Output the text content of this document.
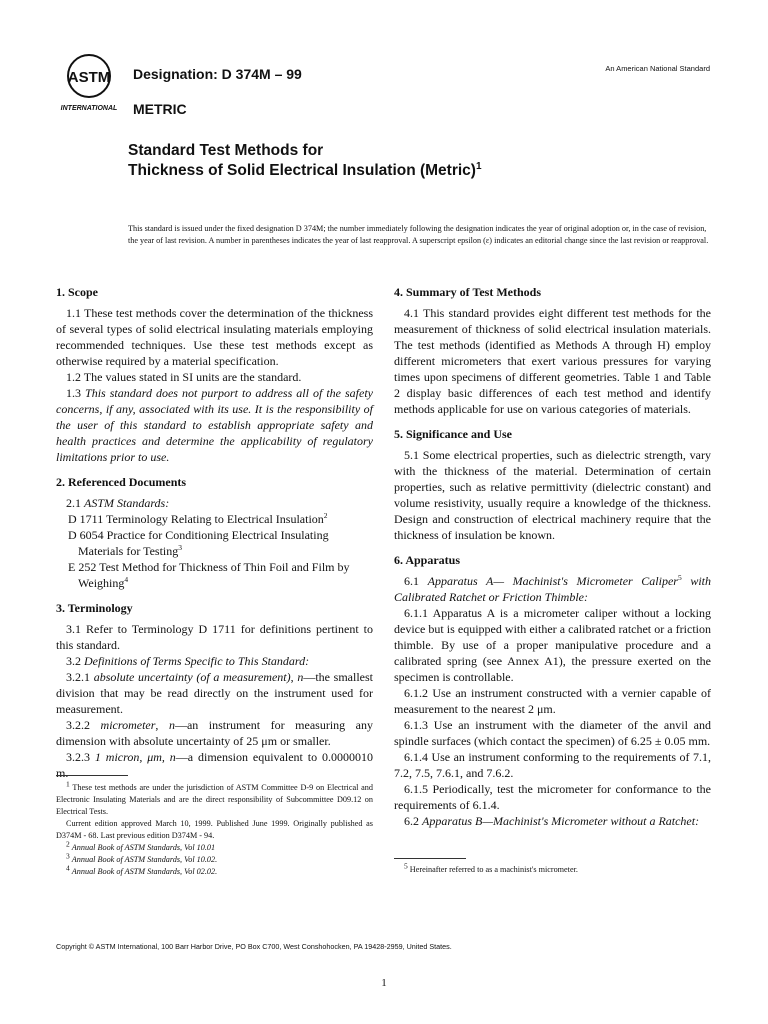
ASTM
INTERNATIONAL
Designation: D 374M – 99
METRIC
An American National Standard
Standard Test Methods for
Thickness of Solid Electrical Insulation (Metric)$^1$
This standard is issued under the fixed designation D 374M; the number immediately following the designation indicates the year of original adoption or, in the case of revision, the year of last revision. A number in parentheses indicates the year of last reapproval. A superscript epsilon (ε) indicates an editorial change since the last revision or reapproval.
1. Scope

1.1 These test methods cover the determination of the thickness of several types of solid electrical insulating materials employing recommended techniques. Use these test methods except as otherwise required by a material specification.

1.2 The values stated in SI units are the standard.

1.3 This standard does not purport to address all of the safety concerns, if any, associated with its use. It is the responsibility of the user of this standard to establish appropriate safety and health practices and determine the applicability of regulatory limitations prior to use.

2. Referenced Documents

2.1 ASTM Standards:

D 1711 Terminology Relating to Electrical Insulation$^2$

D 6054 Practice for Conditioning Electrical Insulating Materials for Testing$^3$

E 252 Test Method for Thickness of Thin Foil and Film by Weighing$^4$

3. Terminology

3.1 Refer to Terminology D 1711 for definitions pertinent to this standard.

3.2 Definitions of Terms Specific to This Standard:

3.2.1 absolute uncertainty (of a measurement), n—the smallest division that may be read directly on the instrument used for measurement.

3.2.2 micrometer, n—an instrument for measuring any dimension with absolute uncertainty of 25 μm or smaller.

3.2.3 1 micron, μm, n—a dimension equivalent to 0.0000010 m.

4. Summary of Test Methods

4.1 This standard provides eight different test methods for the measurement of thickness of solid electrical insulation materials. The test methods (identified as Methods A through H) employ different micrometers that exert various pressures for varying times upon specimens of different geometries. Table 1 and Table 2 display basic differences of each test method and identify methods applicable for use on various categories of materials.

5. Significance and Use

5.1 Some electrical properties, such as dielectric strength, vary with the thickness of the material. Determination of certain properties, such as relative permittivity (dielectric constant) and volume resistivity, usually require a knowledge of the thickness. Design and construction of electrical machinery require that the thickness of insulation be known.

6. Apparatus

6.1 Apparatus A— Machinist's Micrometer Caliper$^5$ with Calibrated Ratchet or Friction Thimble:

6.1.1 Apparatus A is a micrometer caliper without a locking device but is equipped with either a calibrated ratchet or a friction thimble. By use of a proper manipulative procedure and a calibrated spring (see Annex A1), the pressure exerted on the specimen is controllable.

6.1.2 Use an instrument constructed with a vernier capable of measurement to the nearest 2 μm.

6.1.3 Use an instrument with the diameter of the anvil and spindle surfaces (which contact the specimen) of 6.25 ± 0.05 mm.

6.1.4 Use an instrument conforming to the requirements of 7.1, 7.2, 7.5, 7.6.1, and 7.6.2.

6.1.5 Periodically, test the micrometer for conformance to the requirements of 6.1.4.

6.2 Apparatus B—Machinist's Micrometer without a Ratchet:

$^1$ These test methods are under the jurisdiction of ASTM Committee D-9 on Electrical and Electronic Insulating Materials and are the direct responsibility of Subcommittee D09.12 on Electrical Tests.

Current edition approved March 10, 1999. Published June 1999. Originally published as D374M - 68. Last previous edition D374M - 94.

$^2$ Annual Book of ASTM Standards, Vol 10.01

$^3$ Annual Book of ASTM Standards, Vol 10.02.

$^4$ Annual Book of ASTM Standards, Vol 02.02.

$^5$ Hereinafter referred to as a machinist's micrometer.

Copyright © ASTM International, 100 Barr Harbor Drive, PO Box C700, West Conshohocken, PA 19428-2959, United States.
1
